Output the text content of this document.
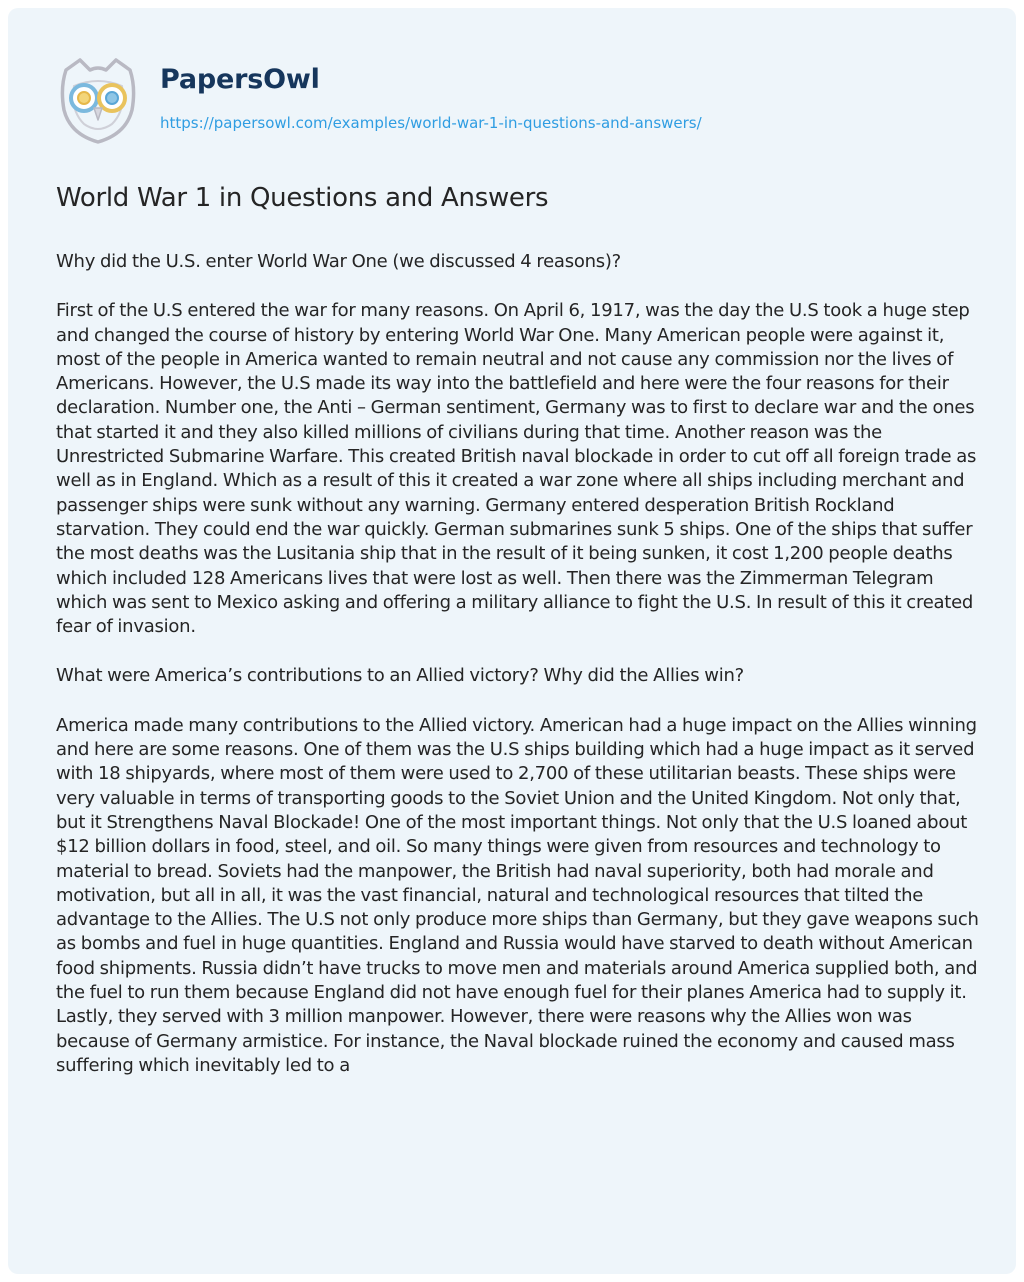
PapersOwl
https://papersowl.com/examples/world-war-1-in-questions-and-answers/
World War 1 in Questions and Answers

Why did the U.S. enter World War One (we discussed 4 reasons)?

First of the U.S entered the war for many reasons. On April 6, 1917, was the day the U.S took a huge step and changed the course of history by entering World War One. Many American people were against it, most of the people in America wanted to remain neutral and not cause any commission nor the lives of Americans. However, the U.S made its way into the battlefield and here were the four reasons for their declaration. Number one, the Anti – German sentiment, Germany was to first to declare war and the ones that started it and they also killed millions of civilians during that time. Another reason was the Unrestricted Submarine Warfare. This created British naval blockade in order to cut off all foreign trade as well as in England. Which as a result of this it created a war zone where all ships including merchant and passenger ships were sunk without any warning. Germany entered desperation British Rockland starvation. They could end the war quickly. German submarines sunk 5 ships. One of the ships that suffer the most deaths was the Lusitania ship that in the result of it being sunken, it cost 1,200 people deaths which included 128 Americans lives that were lost as well. Then there was the Zimmerman Telegram which was sent to Mexico asking and offering a military alliance to fight the U.S. In result of this it created fear of invasion.

What were America’s contributions to an Allied victory? Why did the Allies win?

America made many contributions to the Allied victory. American had a huge impact on the Allies winning and here are some reasons. One of them was the U.S ships building which had a huge impact as it served with 18 shipyards, where most of them were used to 2,700 of these utilitarian beasts. These ships were very valuable in terms of transporting goods to the Soviet Union and the United Kingdom. Not only that, but it Strengthens Naval Blockade! One of the most important things. Not only that the U.S loaned about $12 billion dollars in food, steel, and oil. So many things were given from resources and technology to material to bread. Soviets had the manpower, the British had naval superiority, both had morale and motivation, but all in all, it was the vast financial, natural and technological resources that tilted the advantage to the Allies. The U.S not only produce more ships than Germany, but they gave weapons such as bombs and fuel in huge quantities. England and Russia would have starved to death without American food shipments. Russia didn’t have trucks to move men and materials around America supplied both, and the fuel to run them because England did not have enough fuel for their planes America had to supply it. Lastly, they served with 3 million manpower. However, there were reasons why the Allies won was because of Germany armistice. For instance, the Naval blockade ruined the economy and caused mass suffering which inevitably led to a
